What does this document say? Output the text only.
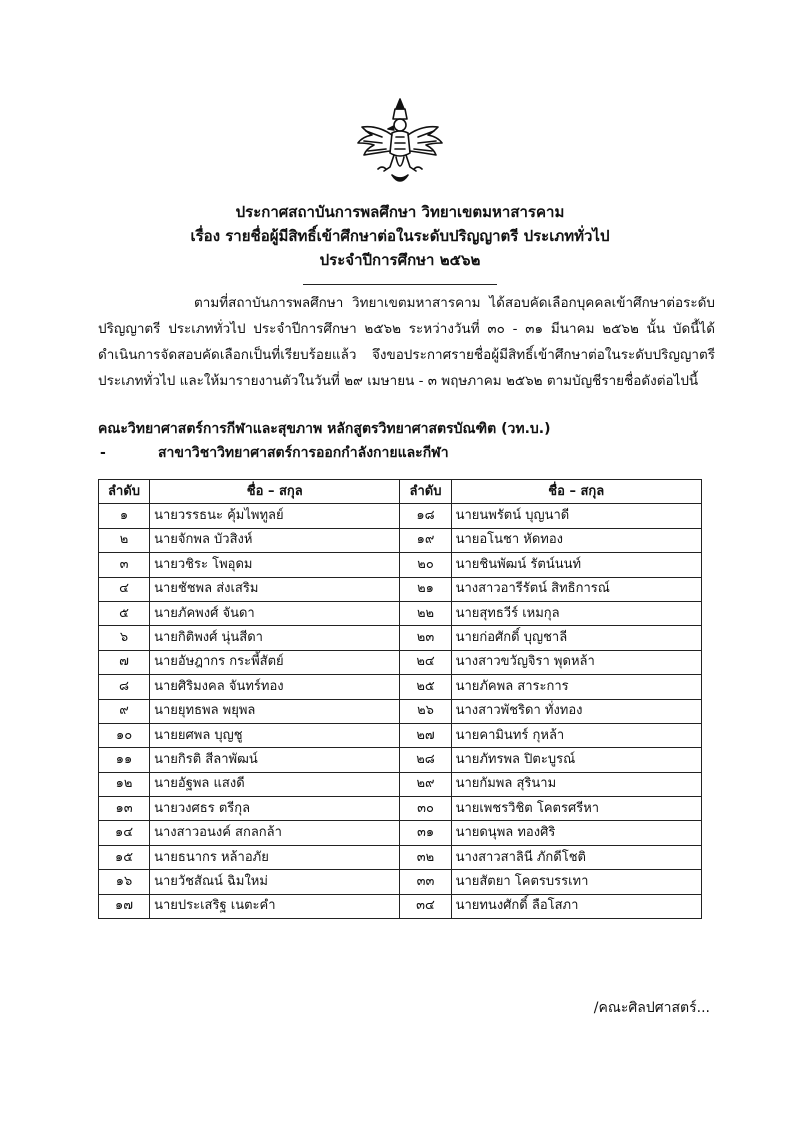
ประกาศสถาบันการพลศึกษา วิทยาเขตมหาสารคาม
เรื่อง รายชื่อผู้มีสิทธิ์เข้าศึกษาต่อในระดับปริญญาตรี ประเภททั่วไป
ประจำปีการศึกษา ๒๕๖๒
ตามที่สถาบันการพลศึกษา วิทยาเขตมหาสารคาม ได้สอบคัดเลือกบุคคลเข้าศึกษาต่อระดับปริญญาตรี ประเภททั่วไป ประจำปีการศึกษา ๒๕๖๒ ระหว่างวันที่ ๓๐ - ๓๑ มีนาคม ๒๕๖๒ นั้น บัดนี้ได้ดำเนินการจัดสอบคัดเลือกเป็นที่เรียบร้อยแล้ว จึงขอประกาศรายชื่อผู้มีสิทธิ์เข้าศึกษาต่อในระดับปริญญาตรี ประเภททั่วไป และให้มารายงานตัวในวันที่ ๒๙ เมษายน - ๓ พฤษภาคม ๒๕๖๒ ตามบัญชีรายชื่อดังต่อไปนี้
คณะวิทยาศาสตร์การกีฬาและสุขภาพ หลักสูตรวิทยาศาสตรบัณฑิต (วท.บ.)
-	สาขาวิชาวิทยาศาสตร์การออกกำลังกายและกีฬา
ลำดับ	ชื่อ – สกุล	ลำดับ	ชื่อ – สกุล
๑	นายวรรธนะ คุ้มไพทูลย์	๑๘	นายนพรัตน์ บุญนาดี
๒	นายจักพล บัวสิงห์	๑๙	นายอโนชา หัดทอง
๓	นายวชิระ โพอุดม	๒๐	นายชินพัฒน์ รัตน์นนท์
๔	นายชัชพล ส่งเสริม	๒๑	นางสาวอารีรัตน์ สิทธิการณ์
๕	นายภัคพงศ์ จันดา	๒๒	นายสุทธวีร์ เหมกุล
๖	นายกิติพงศ์ นุ่นสีดา	๒๓	นายก่อศักดิ์ บุญชาลี
๗	นายอัษฎากร กระพี้สัตย์	๒๔	นางสาวขวัญจิรา พุดหล้า
๘	นายศิริมงคล จันทร์ทอง	๒๕	นายภัคพล สาระการ
๙	นายยุทธพล พยุพล	๒๖	นางสาวพัชริดา ทั่งทอง
๑๐	นายยศพล บุญชู	๒๗	นายคามินทร์ กุหล้า
๑๑	นายกิรติ สีลาพัฒน์	๒๘	นายภัทรพล ปิตะบูรณ์
๑๒	นายอัฐพล แสงดี	๒๙	นายกัมพล สุรินาม
๑๓	นายวงศธร ตรีกุล	๓๐	นายเพชรวิชิต โคตรศรีหา
๑๔	นางสาวอนงค์ สกลกล้า	๓๑	นายดนุพล ทองศิริ
๑๕	นายธนากร หล้าอภัย	๓๒	นางสาวสาลินี ภักดีโชติ
๑๖	นายวัชสัณน์ ฉิมใหม่	๓๓	นายสัตยา โคตรบรรเทา
๑๗	นายประเสริฐ เนตะคำ	๓๔	นายทนงศักดิ์ ลือโสภา
/คณะศิลปศาสตร์...
